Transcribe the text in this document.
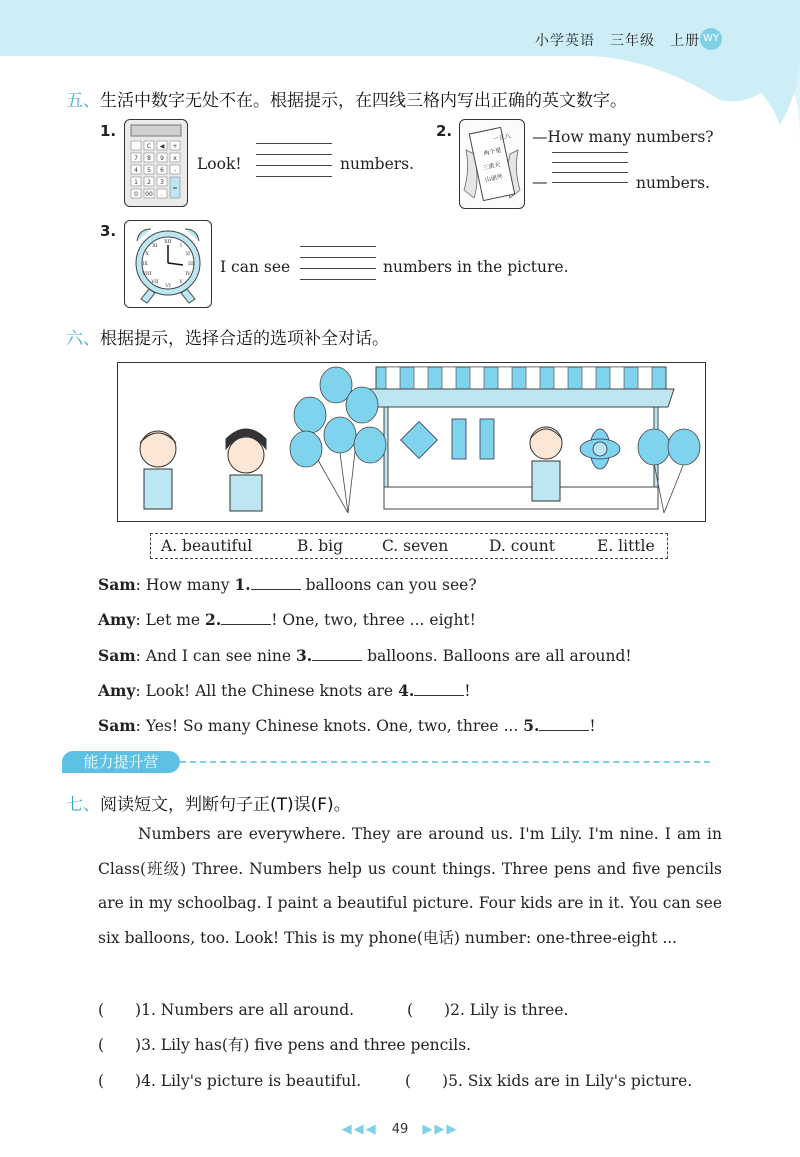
小学英语　三年级　上册 WY
五、生活中数字无处不在。根据提示，在四线三格内写出正确的英文数字。
1.
C ◀ +
7 8 9 x
4 5 6 -
1 2 3
=
0 00 .
Look!	numbers.
2.	一五八
两个里
三黄天
山丽外
—How many numbers?
—	numbers.
3.
XII
I
II
III
IV
V
VI
VII
VIII
IX
X
XI
I can see	numbers in the picture.
六、根据提示，选择合适的选项补全对话。
A. beautiful	B. big	C. seven	D. count	E. little
Sam: How many 1.	balloons can you see?
Amy: Let me 2.	! One, two, three ... eight!
Sam: And I can see nine 3.	balloons. Balloons are all around!
Amy: Look! All the Chinese knots are 4.	!
Sam: Yes! So many Chinese knots. One, two, three ... 5.	!
能力提升营
七、阅读短文，判断句子正(T)误(F)。

Numbers are everywhere. They are around us. I'm Lily. I'm nine. I am in Class(班级) Three. Numbers help us count things. Three pens and five pencils are in my schoolbag. I paint a beautiful picture. Four kids are in it. You can see six balloons, too. Look! This is my phone(电话) number: one-three-eight ...

(　　)1. Numbers are all around.	(　　)2. Lily is three.
(　　)3. Lily has(有) five pens and three pencils.
(　　)4. Lily's picture is beautiful.	(　　)5. Six kids are in Lily's picture.
◀◀◀ 49 ▶▶▶
